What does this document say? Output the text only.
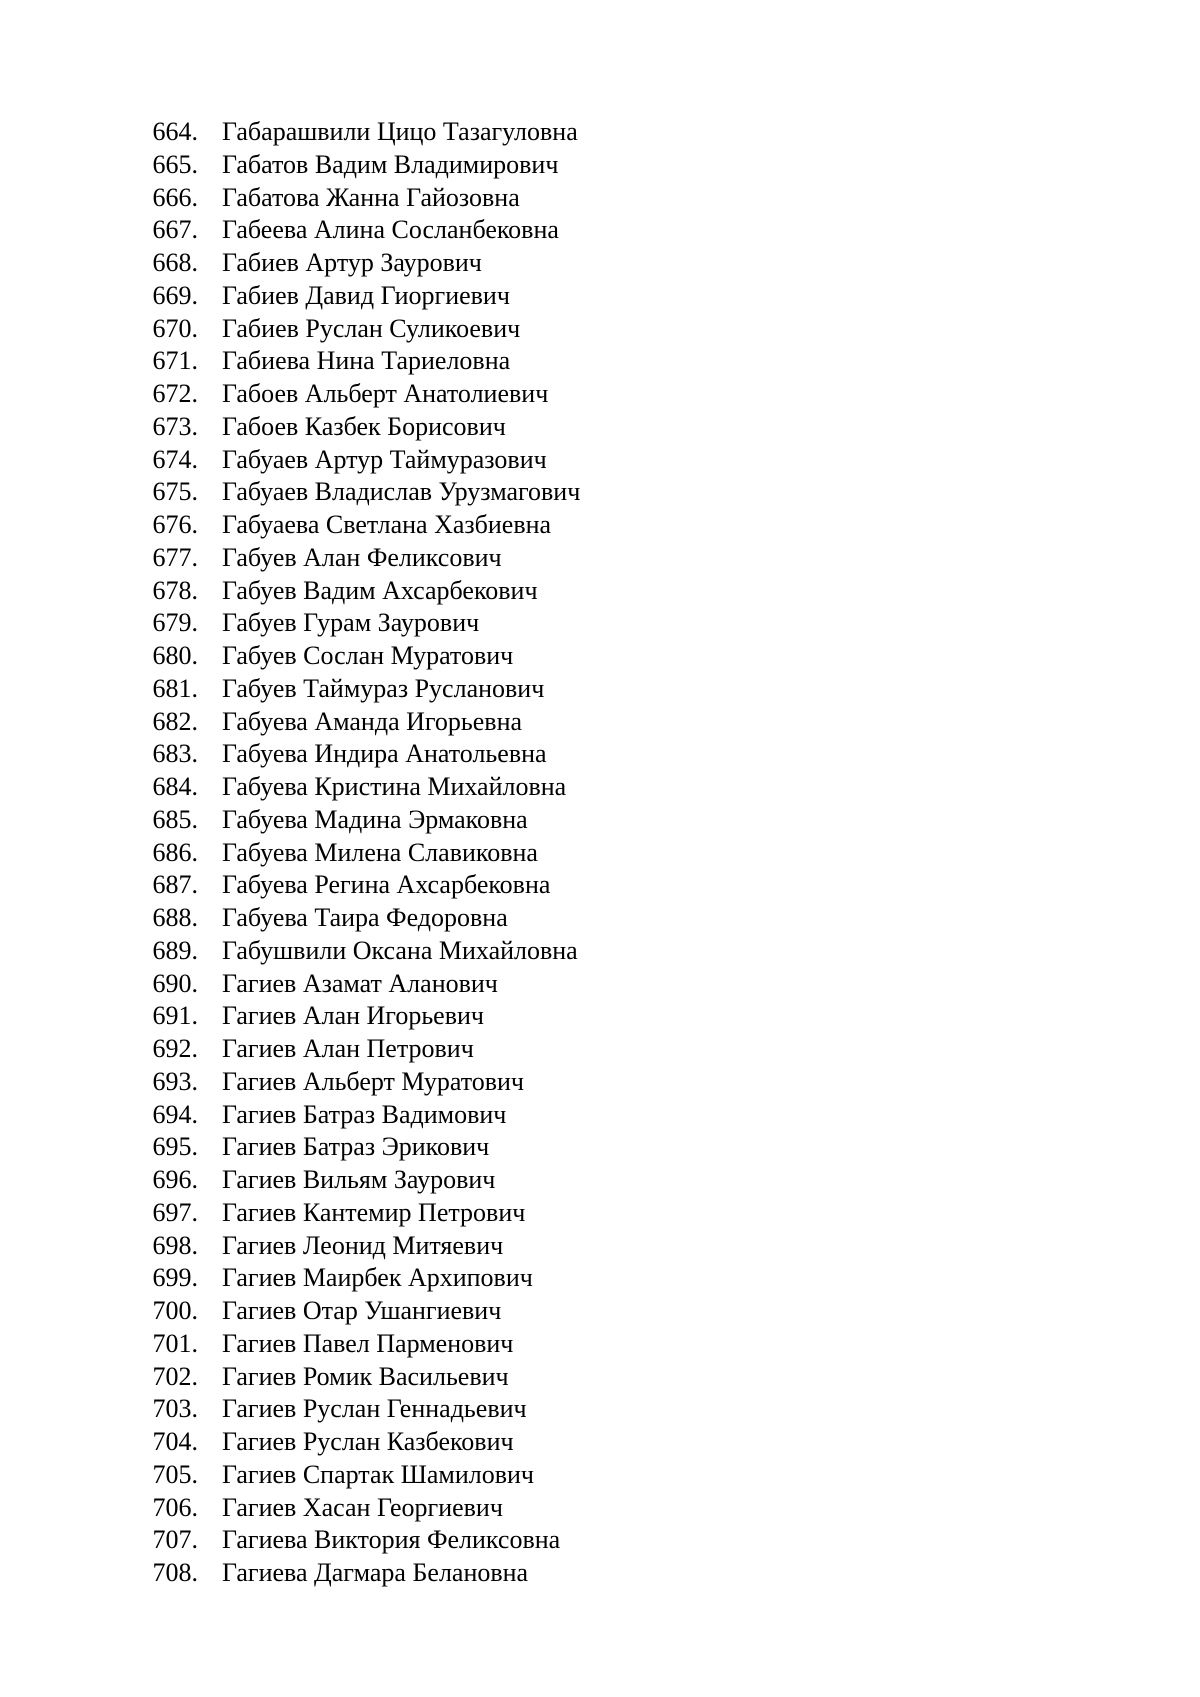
664. Габарашвили Цицо Тазагуловна
665. Габатов Вадим Владимирович
666. Габатова Жанна Гайозовна
667. Габеева Алина Сосланбековна
668. Габиев Артур Заурович
669. Габиев Давид Гиоргиевич
670. Габиев Руслан Суликоевич
671. Габиева Нина Тариеловна
672. Габоев Альберт Анатолиевич
673. Габоев Казбек Борисович
674. Габуаев Артур Таймуразович
675. Габуаев Владислав Урузмагович
676. Габуаева Светлана Хазбиевна
677. Габуев Алан Феликсович
678. Габуев Вадим Ахсарбекович
679. Габуев Гурам Заурович
680. Габуев Сослан Муратович
681. Габуев Таймураз Русланович
682. Габуева Аманда Игорьевна
683. Габуева Индира Анатольевна
684. Габуева Кристина Михайловна
685. Габуева Мадина Эрмаковна
686. Габуева Милена Славиковна
687. Габуева Регина Ахсарбековна
688. Габуева Таира Федоровна
689. Габушвили Оксана Михайловна
690. Гагиев Азамат Аланович
691. Гагиев Алан Игорьевич
692. Гагиев Алан Петрович
693. Гагиев Альберт Муратович
694. Гагиев Батраз Вадимович
695. Гагиев Батраз Эрикович
696. Гагиев Вильям Заурович
697. Гагиев Кантемир Петрович
698. Гагиев Леонид Митяевич
699. Гагиев Маирбек Архипович
700. Гагиев Отар Ушангиевич
701. Гагиев Павел Парменович
702. Гагиев Ромик Васильевич
703. Гагиев Руслан Геннадьевич
704. Гагиев Руслан Казбекович
705. Гагиев Спартак Шамилович
706. Гагиев Хасан Георгиевич
707. Гагиева Виктория Феликсовна
708. Гагиева Дагмара Белановна
